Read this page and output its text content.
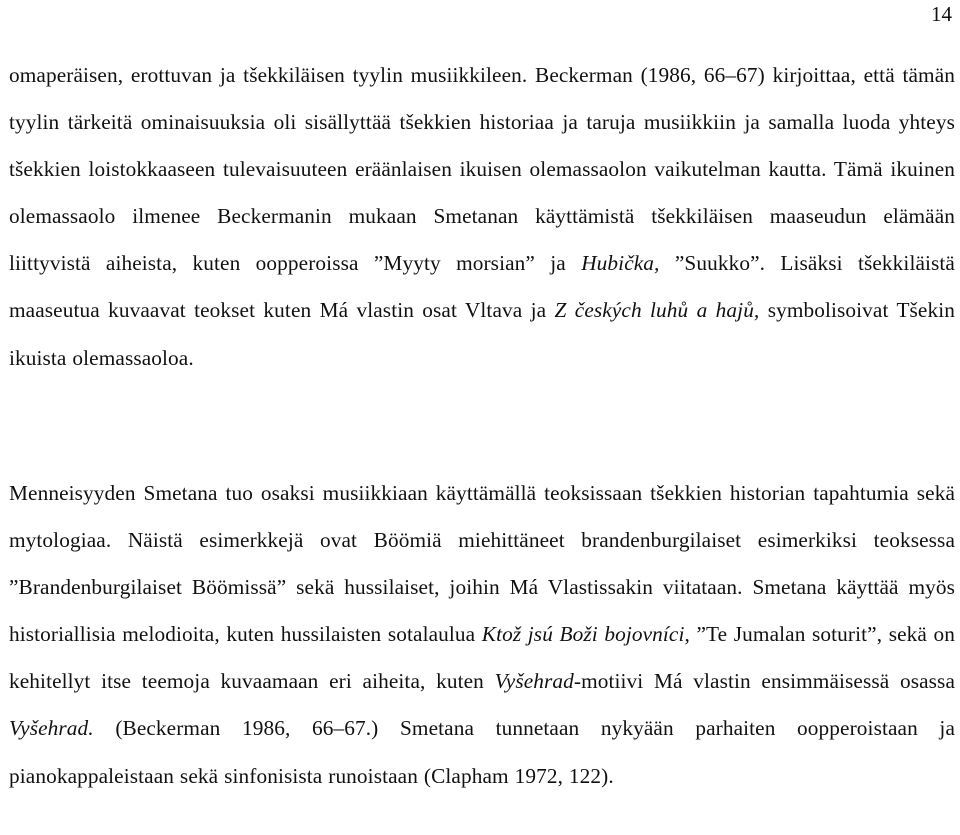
14

omaperäisen, erottuvan ja tšekkiläisen tyylin musiikkileen. Beckerman (1986, 66–67) kirjoittaa, että tämän tyylin tärkeitä ominaisuuksia oli sisällyttää tšekkien historiaa ja taruja musiikkiin ja samalla luoda yhteys tšekkien loistokkaaseen tulevaisuuteen eräänlaisen ikuisen olemassaolon vaikutelman kautta. Tämä ikuinen olemassaolo ilmenee Beckermanin mukaan Smetanan käyttämistä tšekkiläisen maaseudun elämään liittyvistä aiheista, kuten oopperoissa ”Myyty morsian” ja Hubička, ”Suukko”. Lisäksi tšekkiläistä maaseutua kuvaavat teokset kuten Má vlastin osat Vltava ja Z českých luhů a hajů, symbolisoivat Tšekin ikuista olemassaoloa.

Menneisyyden Smetana tuo osaksi musiikkiaan käyttämällä teoksissaan tšekkien historian tapahtumia sekä mytologiaa. Näistä esimerkkejä ovat Böömiä miehittäneet brandenburgilaiset esimerkiksi teoksessa ”Brandenburgilaiset Böömissä” sekä hussilaiset, joihin Má Vlastissakin viitataan. Smetana käyttää myös historiallisia melodioita, kuten hussilaisten sotalaulua Ktož jsú Boži bojovníci, ”Te Jumalan soturit”, sekä on kehitellyt itse teemoja kuvaamaan eri aiheita, kuten Vyšehrad-motiivi Má vlastin ensimmäisessä osassa Vyšehrad. (Beckerman 1986, 66–67.) Smetana tunnetaan nykyään parhaiten oopperoistaan ja pianokappaleistaan sekä sinfonisista runoistaan (Clapham 1972, 122).
